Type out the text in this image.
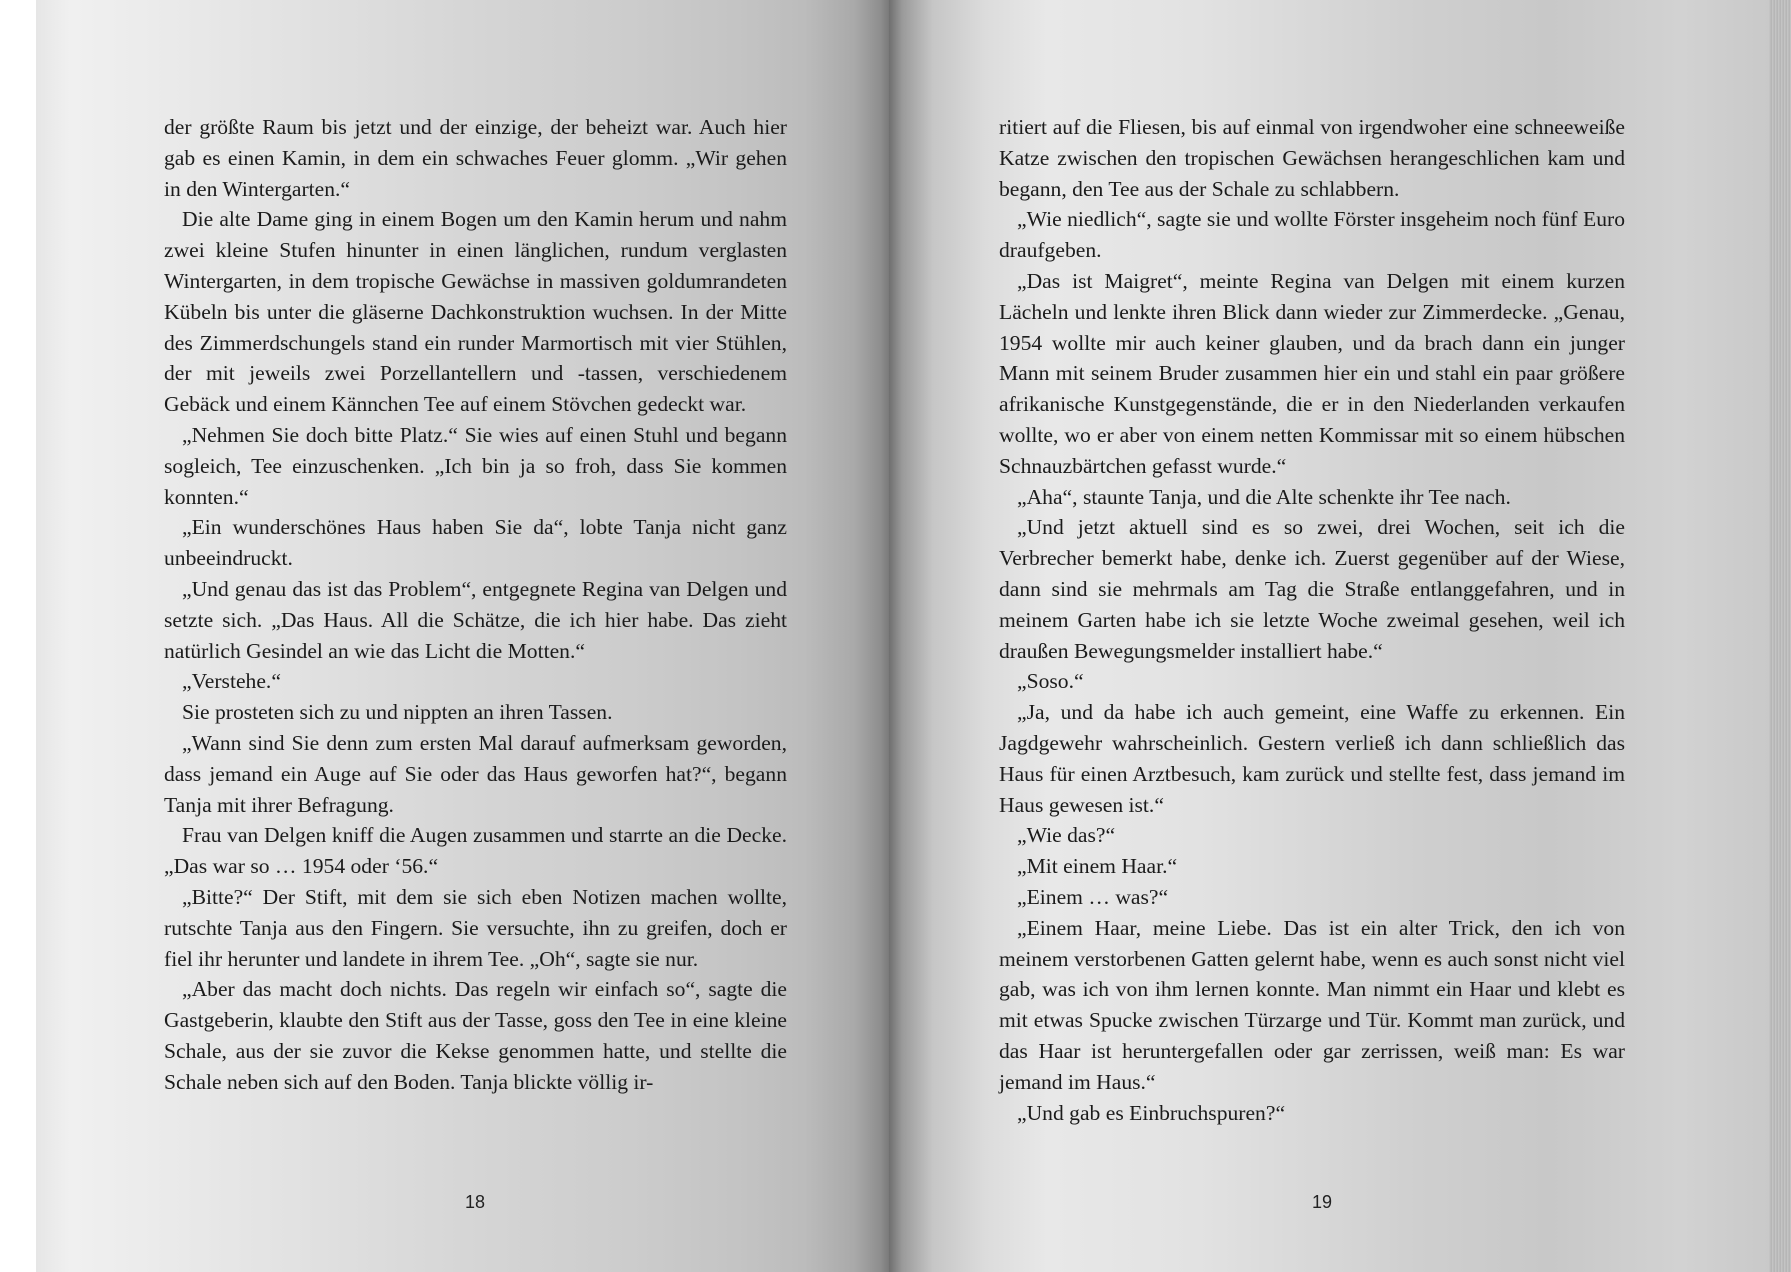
der größte Raum bis jetzt und der einzige, der beheizt war. Auch hier gab es einen Kamin, in dem ein schwaches Feuer glomm. „Wir gehen in den Wintergarten.“

Die alte Dame ging in einem Bogen um den Kamin herum und nahm zwei kleine Stufen hinunter in einen länglichen, rundum verglasten Wintergarten, in dem tropische Gewächse in massiven goldumrandeten Kübeln bis unter die gläserne Dachkonstruktion wuchsen. In der Mitte des Zimmerdschungels stand ein runder Marmortisch mit vier Stühlen, der mit jeweils zwei Porzellantellern und -tassen, verschiedenem Gebäck und einem Kännchen Tee auf einem Stövchen gedeckt war.

„Nehmen Sie doch bitte Platz.“ Sie wies auf einen Stuhl und begann sogleich, Tee einzuschenken. „Ich bin ja so froh, dass Sie kommen konnten.“

„Ein wunderschönes Haus haben Sie da“, lobte Tanja nicht ganz unbeeindruckt.

„Und genau das ist das Problem“, entgegnete Regina van Delgen und setzte sich. „Das Haus. All die Schätze, die ich hier habe. Das zieht natürlich Gesindel an wie das Licht die Motten.“

„Verstehe.“

Sie prosteten sich zu und nippten an ihren Tassen.

„Wann sind Sie denn zum ersten Mal darauf aufmerksam geworden, dass jemand ein Auge auf Sie oder das Haus geworfen hat?“, begann Tanja mit ihrer Befragung.

Frau van Delgen kniff die Augen zusammen und starrte an die Decke. „Das war so … 1954 oder ‘56.“

„Bitte?“ Der Stift, mit dem sie sich eben Notizen machen wollte, rutschte Tanja aus den Fingern. Sie versuchte, ihn zu greifen, doch er fiel ihr herunter und landete in ihrem Tee. „Oh“, sagte sie nur.

„Aber das macht doch nichts. Das regeln wir einfach so“, sagte die Gastgeberin, klaubte den Stift aus der Tasse, goss den Tee in eine kleine Schale, aus der sie zuvor die Kekse genommen hatte, und stellte die Schale neben sich auf den Boden. Tanja blickte völlig ir-

18

ritiert auf die Fliesen, bis auf einmal von irgendwoher eine schneeweiße Katze zwischen den tropischen Gewächsen herangeschlichen kam und begann, den Tee aus der Schale zu schlabbern.

„Wie niedlich“, sagte sie und wollte Förster insgeheim noch fünf Euro draufgeben.

„Das ist Maigret“, meinte Regina van Delgen mit einem kurzen Lächeln und lenkte ihren Blick dann wieder zur Zimmerdecke. „Genau, 1954 wollte mir auch keiner glauben, und da brach dann ein junger Mann mit seinem Bruder zusammen hier ein und stahl ein paar größere afrikanische Kunstgegenstände, die er in den Niederlanden verkaufen wollte, wo er aber von einem netten Kommissar mit so einem hübschen Schnauzbärtchen gefasst wurde.“

„Aha“, staunte Tanja, und die Alte schenkte ihr Tee nach.

„Und jetzt aktuell sind es so zwei, drei Wochen, seit ich die Verbrecher bemerkt habe, denke ich. Zuerst gegenüber auf der Wiese, dann sind sie mehrmals am Tag die Straße entlanggefahren, und in meinem Garten habe ich sie letzte Woche zweimal gesehen, weil ich draußen Bewegungsmelder installiert habe.“

„Soso.“

„Ja, und da habe ich auch gemeint, eine Waffe zu erkennen. Ein Jagdgewehr wahrscheinlich. Gestern verließ ich dann schließlich das Haus für einen Arztbesuch, kam zurück und stellte fest, dass jemand im Haus gewesen ist.“

„Wie das?“

„Mit einem Haar.“

„Einem … was?“

„Einem Haar, meine Liebe. Das ist ein alter Trick, den ich von meinem verstorbenen Gatten gelernt habe, wenn es auch sonst nicht viel gab, was ich von ihm lernen konnte. Man nimmt ein Haar und klebt es mit etwas Spucke zwischen Türzarge und Tür. Kommt man zurück, und das Haar ist heruntergefallen oder gar zerrissen, weiß man: Es war jemand im Haus.“

„Und gab es Einbruchspuren?“

19
